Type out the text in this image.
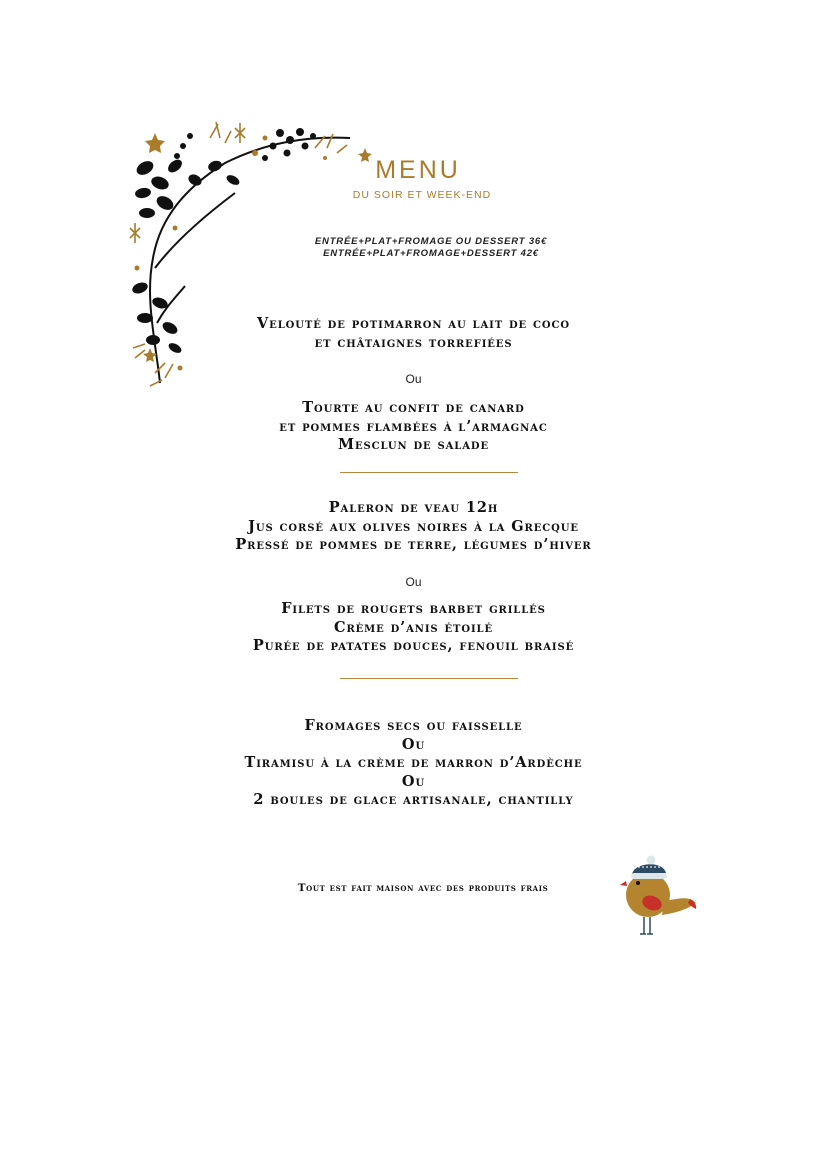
MENU
DU SOIR ET WEEK-END
ENTRÉE+PLAT+FROMAGE OU DESSERT 36€
ENTRÉE+PLAT+FROMAGE+DESSERT 42€
Velouté de potimarron au lait de coco
et châtaignes torrefiées
Ou
Tourte au confit de canard
et pommes flambées à l’armagnac
Mesclun de salade
Paleron de veau 12h
Jus corsé aux olives noires à la Grecque
Pressé de pommes de terre, légumes d’hiver
Ou
Filets de rougets barbet grillés
Crème d’anis étoilé
Purée de patates douces, fenouil braisé
Fromages secs ou faisselle
Ou
Tiramisu à la crème de marron d’Ardèche
Ou
2 boules de glace artisanale, chantilly
Tout est fait maison avec des produits frais
